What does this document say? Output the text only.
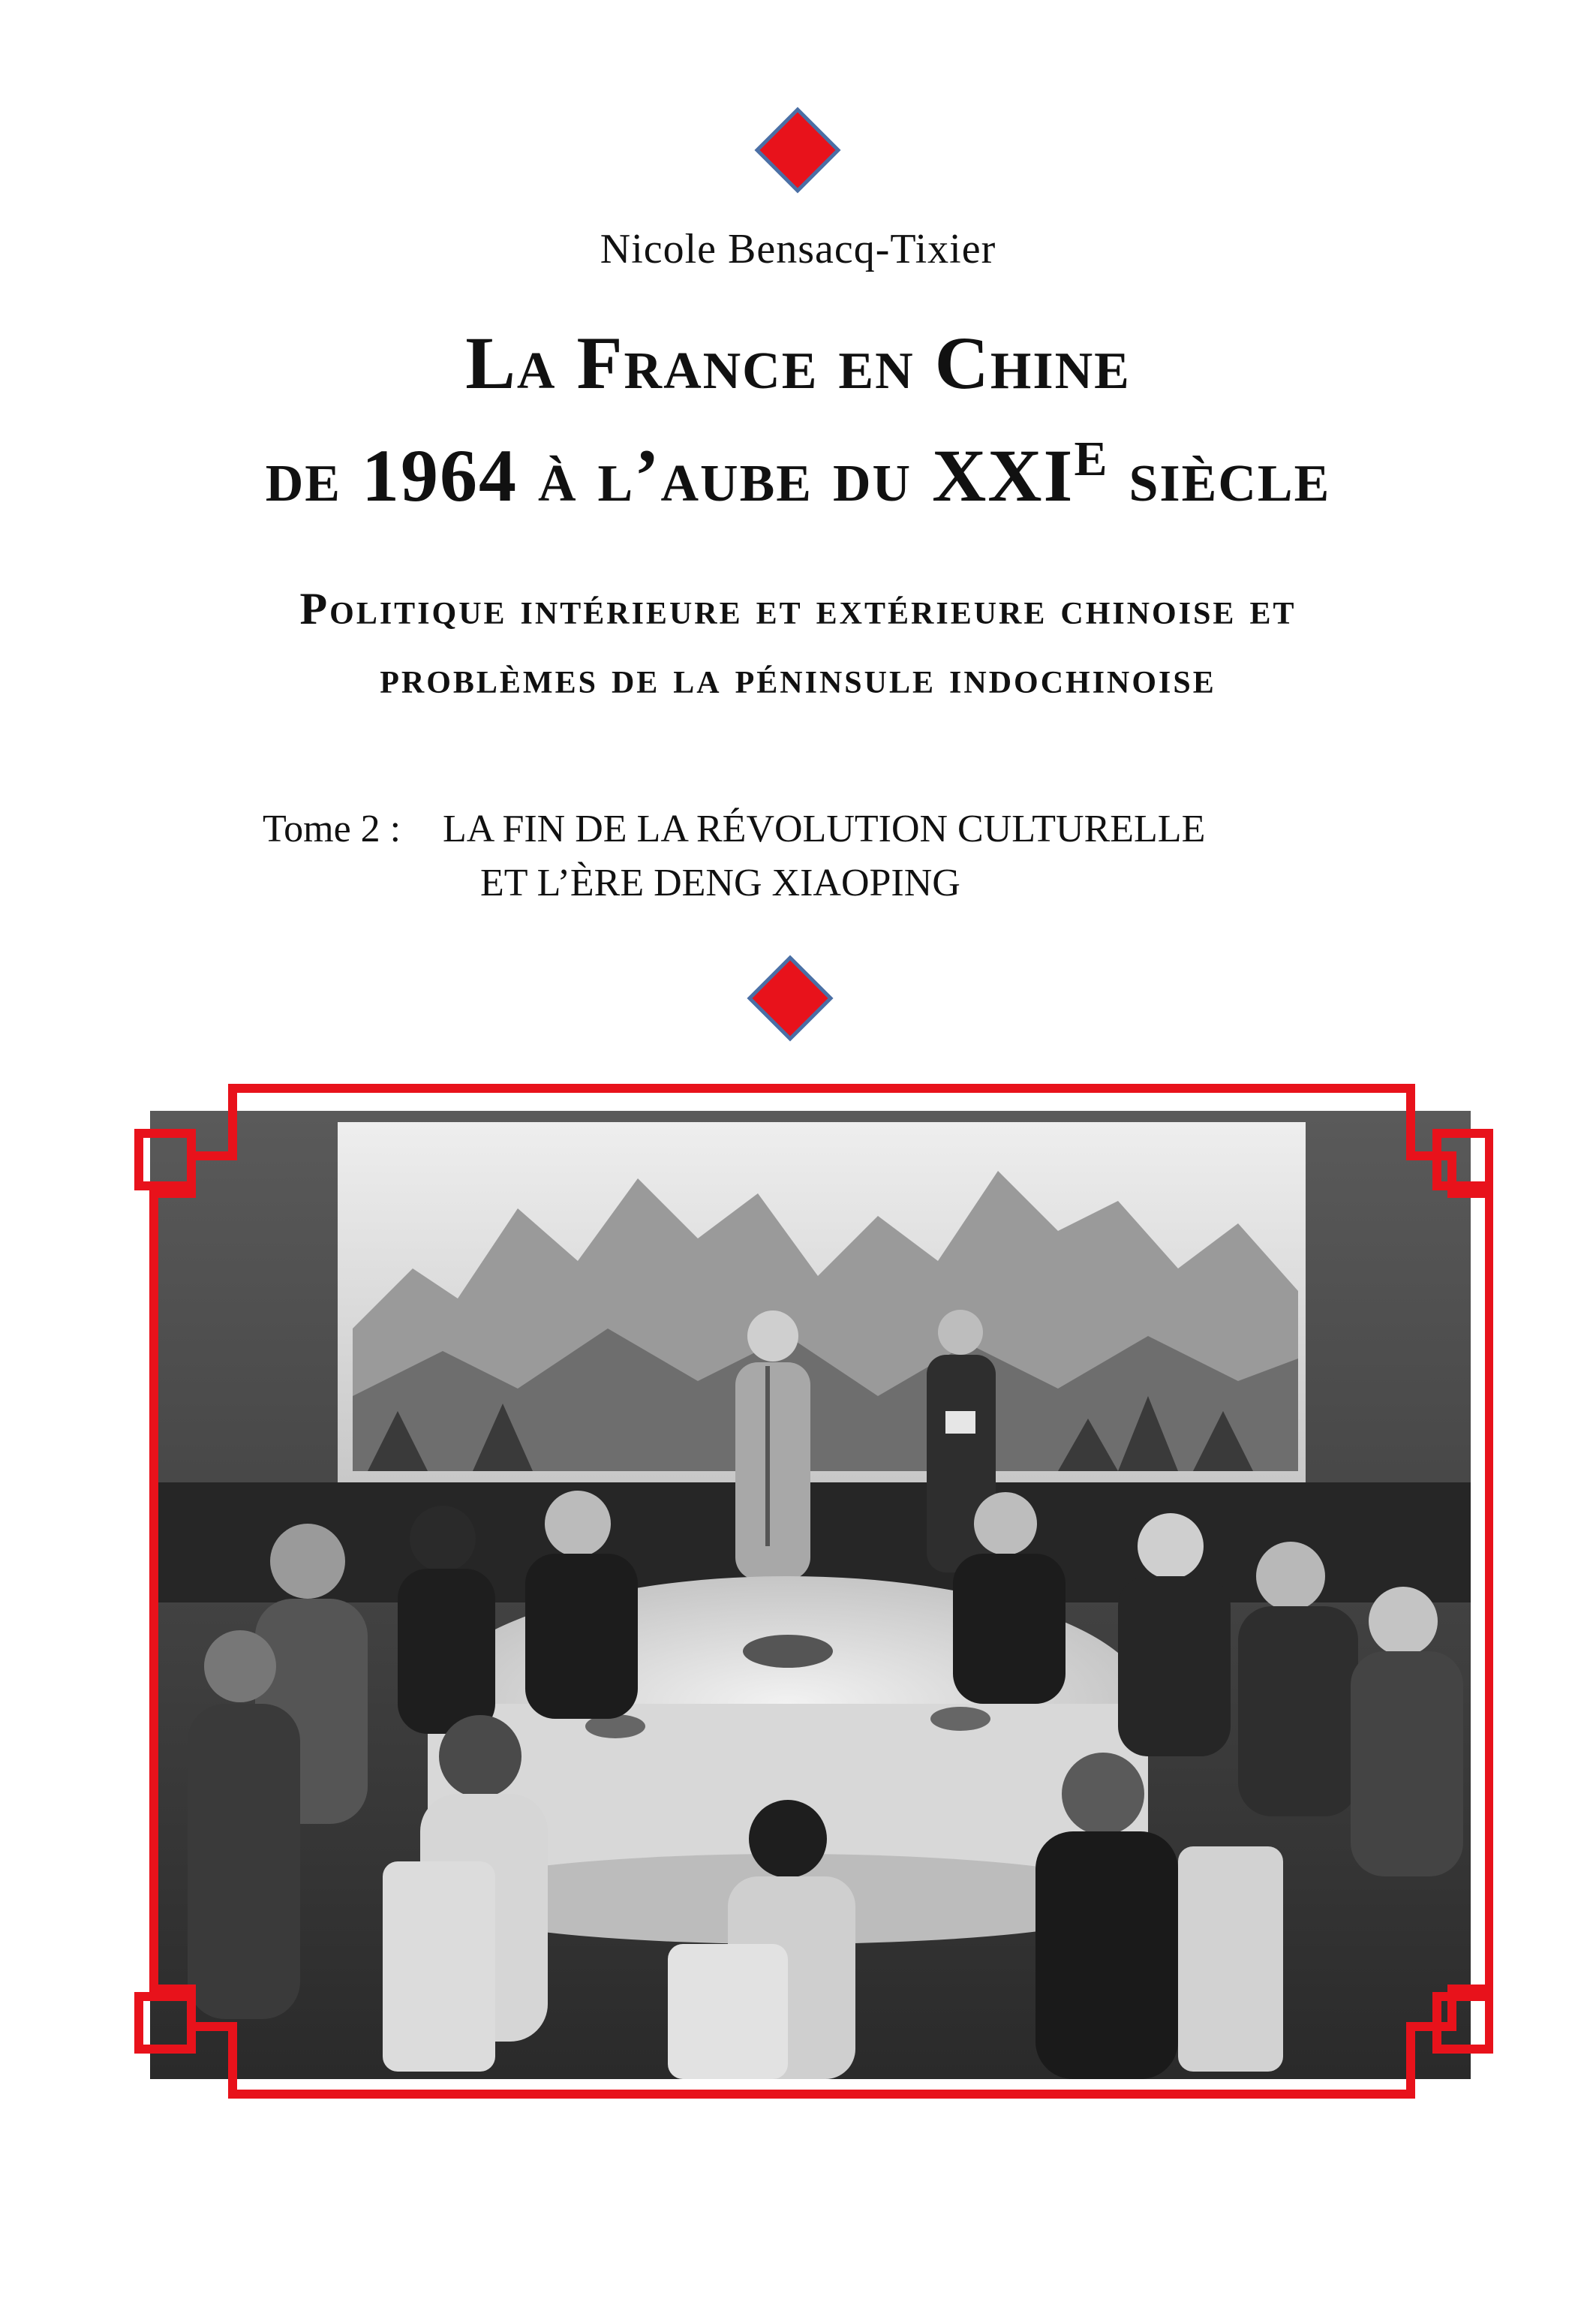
Nicole Bensacq-Tixier
La France en Chine
de 1964 à l’aube du $XXI^E$ siècle
Politique intérieure et extérieure chinoise et
problèmes de la péninsule indochinoise
Tome 2 : LA FIN DE LA RÉVOLUTION CULTURELLE
ET L’ÈRE DENG XIAOPING
